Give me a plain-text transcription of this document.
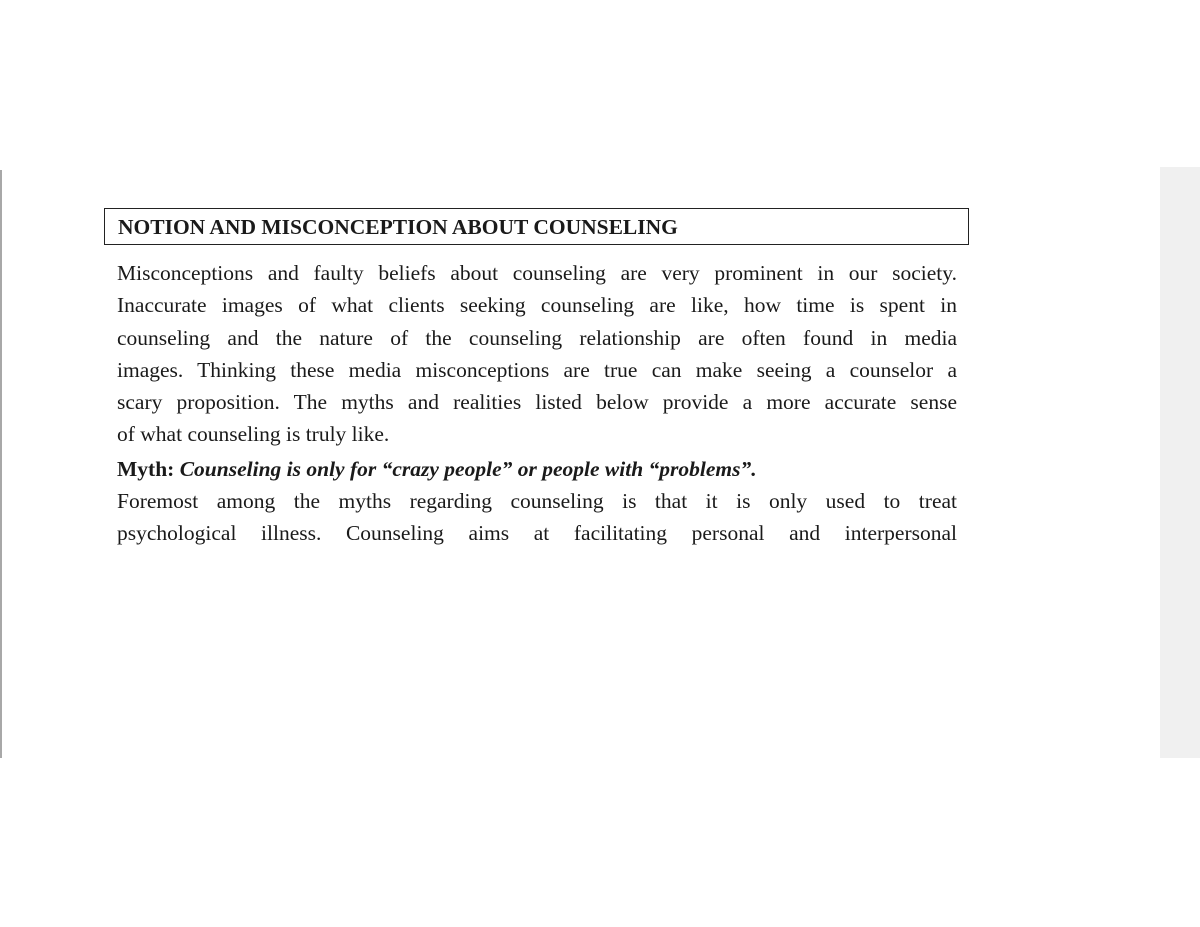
NOTION AND MISCONCEPTION ABOUT COUNSELING
Misconceptions and faulty beliefs about counseling are very prominent in our society.
Inaccurate images of what clients seeking counseling are like, how time is spent in
counseling and the nature of the counseling relationship are often found in media
images. Thinking these media misconceptions are true can make seeing a counselor a
scary proposition. The myths and realities listed below provide a more accurate sense
of what counseling is truly like.
Myth: Counseling is only for “crazy people” or people with “problems”.
Foremost among the myths regarding counseling is that it is only used to treat
psychological illness. Counseling aims at facilitating personal and interpersonal
